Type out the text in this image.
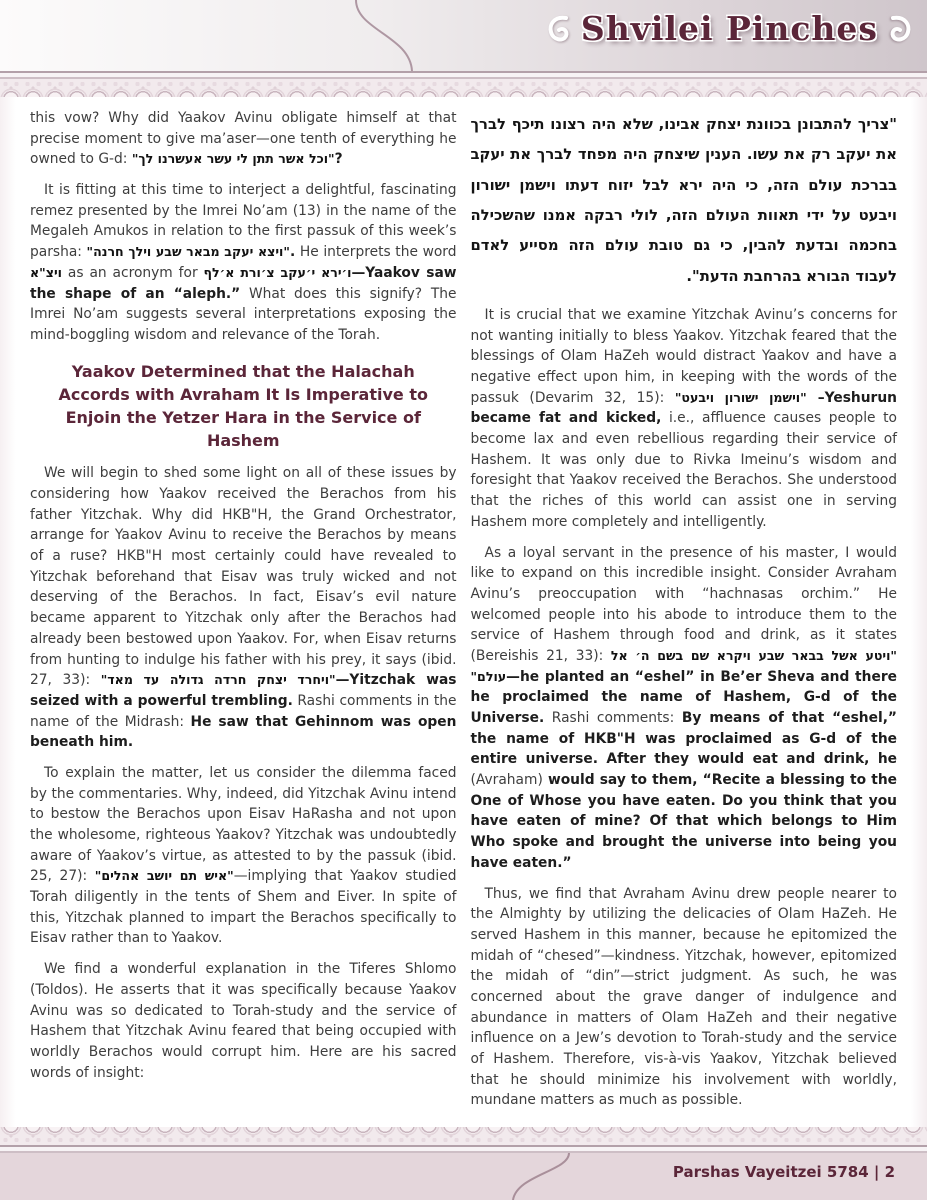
Shvilei Pinches

this vow? Why did Yaakov Avinu obligate himself at that precise moment to give ma’aser—one tenth of everything he owned to G-d: "וכל אשר תתן לי עשר אעשרנו לך"?

It is fitting at this time to interject a delightful, fascinating remez presented by the Imrei No’am (13) in the name of the Megaleh Amukos in relation to the first passuk of this week’s parsha: "ויצא יעקב מבאר שבע וילך חרנה". He interprets the word ויצ"א as an acronym for ו׳ירא י׳עקב צ׳ורת א׳לף—Yaakov saw the shape of an “aleph.” What does this signify? The Imrei No’am suggests several interpretations exposing the mind-boggling wisdom and relevance of the Torah.

Yaakov Determined that the Halachah Accords with Avraham It Is Imperative to Enjoin the Yetzer Hara in the Service of Hashem

We will begin to shed some light on all of these issues by considering how Yaakov received the Berachos from his father Yitzchak. Why did HKB"H, the Grand Orchestrator, arrange for Yaakov Avinu to receive the Berachos by means of a ruse? HKB"H most certainly could have revealed to Yitzchak beforehand that Eisav was truly wicked and not deserving of the Berachos. In fact, Eisav’s evil nature became apparent to Yitzchak only after the Berachos had already been bestowed upon Yaakov. For, when Eisav returns from hunting to indulge his father with his prey, it says (ibid. 27, 33): "ויחרד יצחק חרדה גדולה עד מאד"—Yitzchak was seized with a powerful trembling. Rashi comments in the name of the Midrash: He saw that Gehinnom was open beneath him.

To explain the matter, let us consider the dilemma faced by the commentaries. Why, indeed, did Yitzchak Avinu intend to bestow the Berachos upon Eisav HaRasha and not upon the wholesome, righteous Yaakov? Yitzchak was undoubtedly aware of Yaakov’s virtue, as attested to by the passuk (ibid. 25, 27): "איש תם יושב אהלים"—implying that Yaakov studied Torah diligently in the tents of Shem and Eiver. In spite of this, Yitzchak planned to impart the Berachos specifically to Eisav rather than to Yaakov.

We find a wonderful explanation in the Tiferes Shlomo (Toldos). He asserts that it was specifically because Yaakov Avinu was so dedicated to Torah-study and the service of Hashem that Yitzchak Avinu feared that being occupied with worldly Berachos would corrupt him. Here are his sacred words of insight:

"צריך להתבונן בכוונת יצחק אבינו, שלא היה רצונו תיכף לברך את יעקב רק את עשו. הענין שיצחק היה מפחד לברך את יעקב בברכת עולם הזה, כי היה ירא לבל יזוח דעתו וישמן ישורון ויבעט על ידי תאוות העולם הזה, לולי רבקה אמנו שהשכילה בחכמה ובדעת להבין, כי גם טובת עולם הזה מסייע לאדם לעבוד הבורא בהרחבת הדעת".

It is crucial that we examine Yitzchak Avinu’s concerns for not wanting initially to bless Yaakov. Yitzchak feared that the blessings of Olam HaZeh would distract Yaakov and have a negative effect upon him, in keeping with the words of the passuk (Devarim 32, 15): "וישמן ישורון ויבעט" –Yeshurun became fat and kicked, i.e., affluence causes people to become lax and even rebellious regarding their service of Hashem. It was only due to Rivka Imeinu’s wisdom and foresight that Yaakov received the Berachos. She understood that the riches of this world can assist one in serving Hashem more completely and intelligently.

As a loyal servant in the presence of his master, I would like to expand on this incredible insight. Consider Avraham Avinu’s preoccupation with “hachnasas orchim.” He welcomed people into his abode to introduce them to the service of Hashem through food and drink, as it states (Bereishis 21, 33): "ויטע אשל בבאר שבע ויקרא שם בשם ה׳ אל עולם"—he planted an “eshel” in Be’er Sheva and there he proclaimed the name of Hashem, G-d of the Universe. Rashi comments: By means of that “eshel,” the name of HKB"H was proclaimed as G-d of the entire universe. After they would eat and drink, he (Avraham) would say to them, “Recite a blessing to the One of Whose you have eaten. Do you think that you have eaten of mine? Of that which belongs to Him Who spoke and brought the universe into being you have eaten.”

Thus, we find that Avraham Avinu drew people nearer to the Almighty by utilizing the delicacies of Olam HaZeh. He served Hashem in this manner, because he epitomized the midah of “chesed”—kindness. Yitzchak, however, epitomized the midah of “din”—strict judgment. As such, he was concerned about the grave danger of indulgence and abundance in matters of Olam HaZeh and their negative influence on a Jew’s devotion to Torah-study and the service of Hashem. Therefore, vis-à-vis Yaakov, Yitzchak believed that he should minimize his involvement with worldly, mundane matters as much as possible.

Parshas Vayeitzei 5784 | 2
